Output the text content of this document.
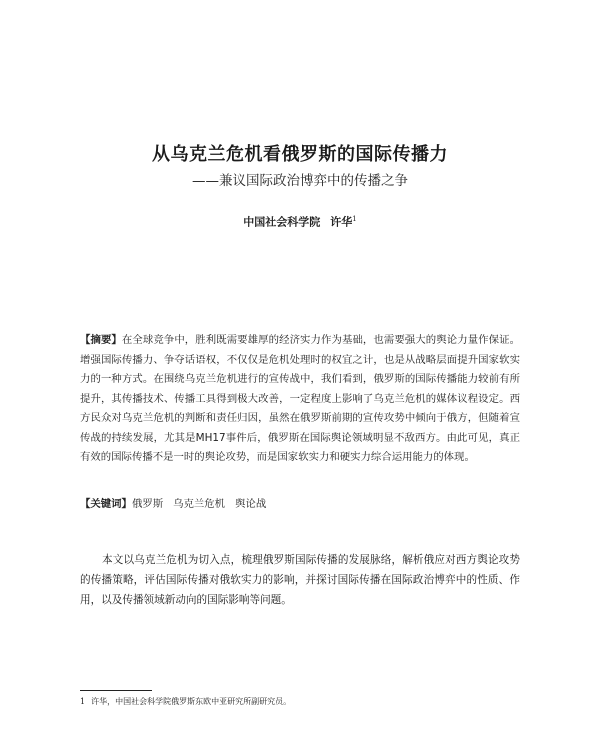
从乌克兰危机看俄罗斯的国际传播力
——兼议国际政治博弈中的传播之争
中国社会科学院 许华$^1$

【摘要】在全球竞争中，胜利既需要雄厚的经济实力作为基础，也需要强大的舆论力量作保证。增强国际传播力、争夺话语权，不仅仅是危机处理时的权宜之计，也是从战略层面提升国家软实力的一种方式。在围绕乌克兰危机进行的宣传战中，我们看到，俄罗斯的国际传播能力较前有所提升，其传播技术、传播工具得到极大改善，一定程度上影响了乌克兰危机的媒体议程设定。西方民众对乌克兰危机的判断和责任归因，虽然在俄罗斯前期的宣传攻势中倾向于俄方，但随着宣传战的持续发展，尤其是MH17事件后，俄罗斯在国际舆论领域明显不敌西方。由此可见，真正有效的国际传播不是一时的舆论攻势，而是国家软实力和硬实力综合运用能力的体现。

【关键词】俄罗斯 乌克兰危机 舆论战

本文以乌克兰危机为切入点，梳理俄罗斯国际传播的发展脉络，解析俄应对西方舆论攻势的传播策略，评估国际传播对俄软实力的影响，并探讨国际传播在国际政治博弈中的性质、作用，以及传播领域新动向的国际影响等问题。

1 许华，中国社会科学院俄罗斯东欧中亚研究所副研究员。
